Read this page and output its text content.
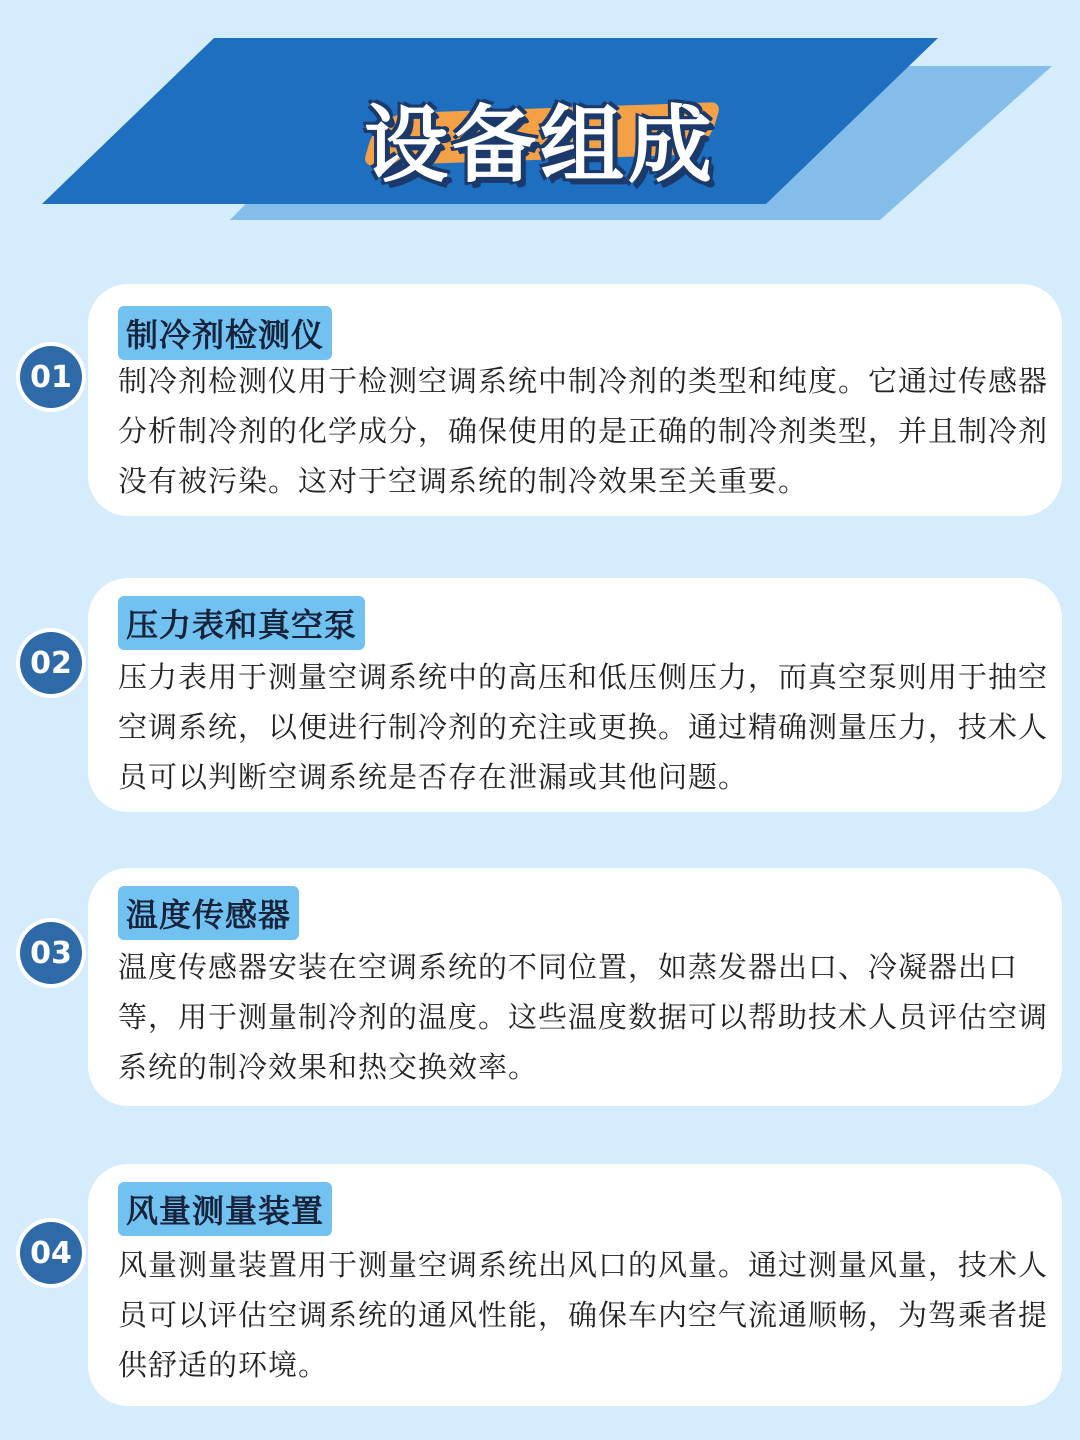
设备组成
制冷剂检测仪
制冷剂检测仪用于检测空调系统中制冷剂的类型和纯度。它通过传感器分析制冷剂的化学成分，确保使用的是正确的制冷剂类型，并且制冷剂没有被污染。这对于空调系统的制冷效果至关重要。
01
压力表和真空泵
压力表用于测量空调系统中的高压和低压侧压力，而真空泵则用于抽空空调系统，以便进行制冷剂的充注或更换。通过精确测量压力，技术人员可以判断空调系统是否存在泄漏或其他问题。
02
温度传感器
温度传感器安装在空调系统的不同位置，如蒸发器出口、冷凝器出口等，用于测量制冷剂的温度。这些温度数据可以帮助技术人员评估空调系统的制冷效果和热交换效率。
03
风量测量装置
风量测量装置用于测量空调系统出风口的风量。通过测量风量，技术人员可以评估空调系统的通风性能，确保车内空气流通顺畅，为驾乘者提供舒适的环境。
04
